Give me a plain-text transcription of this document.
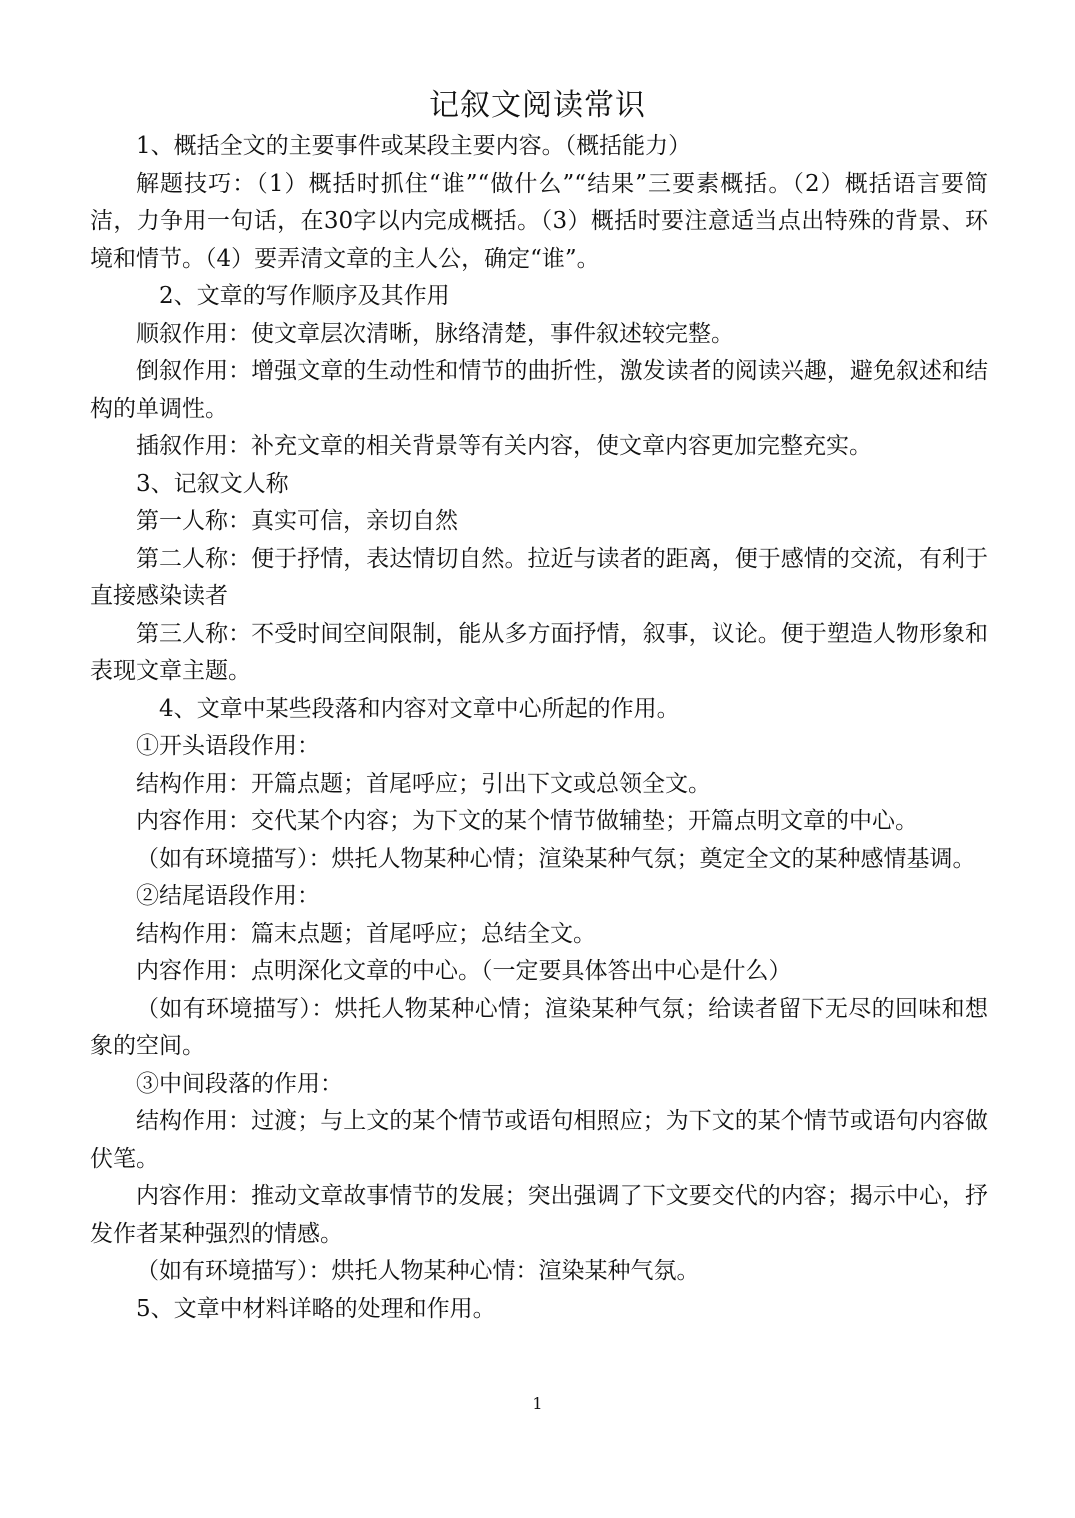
记叙文阅读常识

1、概括全文的主要事件或某段主要内容。（概括能力）

解题技巧：（1）概括时抓住“谁”“做什么”“结果”三要素概括。（2）概括语言要简洁，力争用一句话，在30字以内完成概括。（3）概括时要注意适当点出特殊的背景、环境和情节。（4）要弄清文章的主人公，确定“谁”。

2、文章的写作顺序及其作用

顺叙作用：使文章层次清晰，脉络清楚，事件叙述较完整。

倒叙作用：增强文章的生动性和情节的曲折性，激发读者的阅读兴趣，避免叙述和结构的单调性。

插叙作用：补充文章的相关背景等有关内容，使文章内容更加完整充实。

3、记叙文人称

第一人称：真实可信，亲切自然

第二人称：便于抒情，表达情切自然。拉近与读者的距离，便于感情的交流，有利于直接感染读者

第三人称：不受时间空间限制，能从多方面抒情，叙事，议论。便于塑造人物形象和表现文章主题。

4、文章中某些段落和内容对文章中心所起的作用。

①开头语段作用：

结构作用：开篇点题；首尾呼应；引出下文或总领全文。

内容作用：交代某个内容；为下文的某个情节做辅垫；开篇点明文章的中心。

（如有环境描写）：烘托人物某种心情；渲染某种气氛；奠定全文的某种感情基调。

②结尾语段作用：

结构作用：篇末点题；首尾呼应；总结全文。

内容作用：点明深化文章的中心。（一定要具体答出中心是什么）

（如有环境描写）：烘托人物某种心情；渲染某种气氛；给读者留下无尽的回味和想象的空间。

③中间段落的作用：

结构作用：过渡；与上文的某个情节或语句相照应；为下文的某个情节或语句内容做伏笔。

内容作用：推动文章故事情节的发展；突出强调了下文要交代的内容；揭示中心，抒发作者某种强烈的情感。

（如有环境描写）：烘托人物某种心情：渲染某种气氛。

5、文章中材料详略的处理和作用。

1
